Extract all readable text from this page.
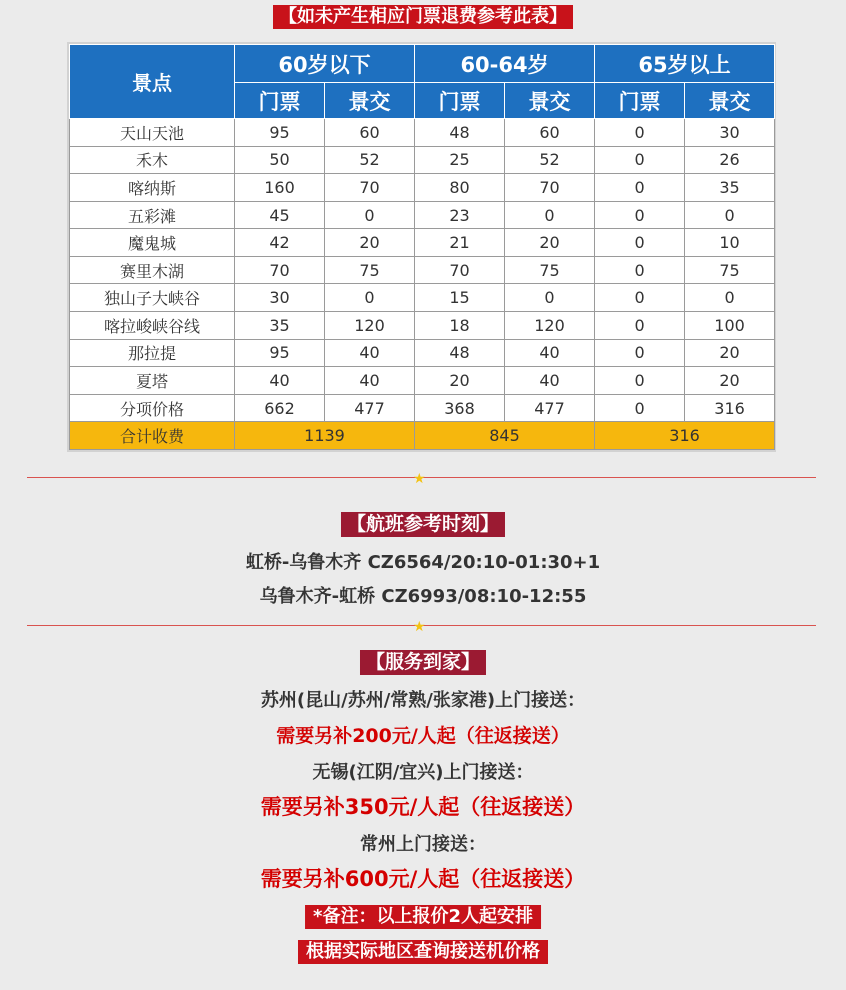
【如未产生相应门票退费参考此表】
景点	60岁以下		60-64岁		65岁以上	
	门票	景交	门票	景交	门票	景交
天山天池	95	60	48	60	0	30
禾木	50	52	25	52	0	26
喀纳斯	160	70	80	70	0	35
五彩滩	45	0	23	0	0	0
魔鬼城	42	20	21	20	0	10
赛里木湖	70	75	70	75	0	75
独山子大峡谷	30	0	15	0	0	0
喀拉峻峡谷线	35	120	18	120	0	100
那拉提	95	40	48	40	0	20
夏塔	40	40	20	40	0	20
分项价格	662	477	368	477	0	316
合计收费	1139		845		316	
★
【航班参考时刻】
虹桥-乌鲁木齐 CZ6564/20:10-01:30+1
乌鲁木齐-虹桥 CZ6993/08:10-12:55
★
【服务到家】
苏州(昆山/苏州/常熟/张家港)上门接送：
需要另补200元/人起（往返接送）
无锡(江阴/宜兴)上门接送：
需要另补350元/人起（往返接送）
常州上门接送：
需要另补600元/人起（往返接送）
*备注：以上报价2人起安排
根据实际地区查询接送机价格
